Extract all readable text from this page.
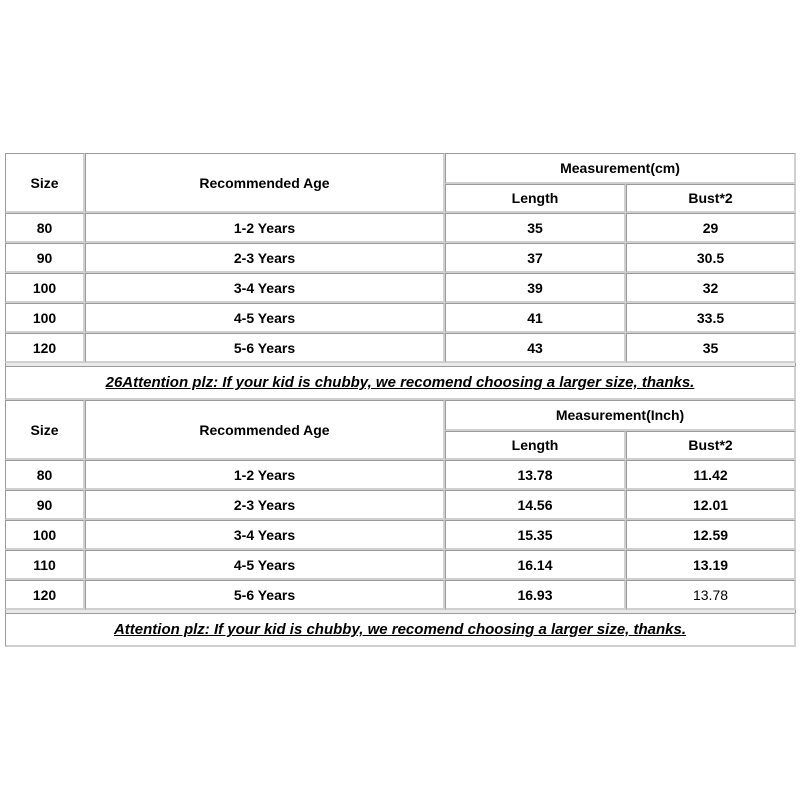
Size	Recommended Age	Measurement(cm)	
		Length	Bust*2
80	1-2 Years	35	29
90	2-3 Years	37	30.5
100	3-4 Years	39	32
100	4-5 Years	41	33.5
120	5-6 Years	43	35
26Attention plz: If your kid is chubby, we recomend choosing a larger size, thanks.
Size	Recommended Age	Measurement(Inch)	
		Length	Bust*2
80	1-2 Years	13.78	11.42
90	2-3 Years	14.56	12.01
100	3-4 Years	15.35	12.59
110	4-5 Years	16.14	13.19
120	5-6 Years	16.93	13.78
Attention plz: If your kid is chubby, we recomend choosing a larger size, thanks.
